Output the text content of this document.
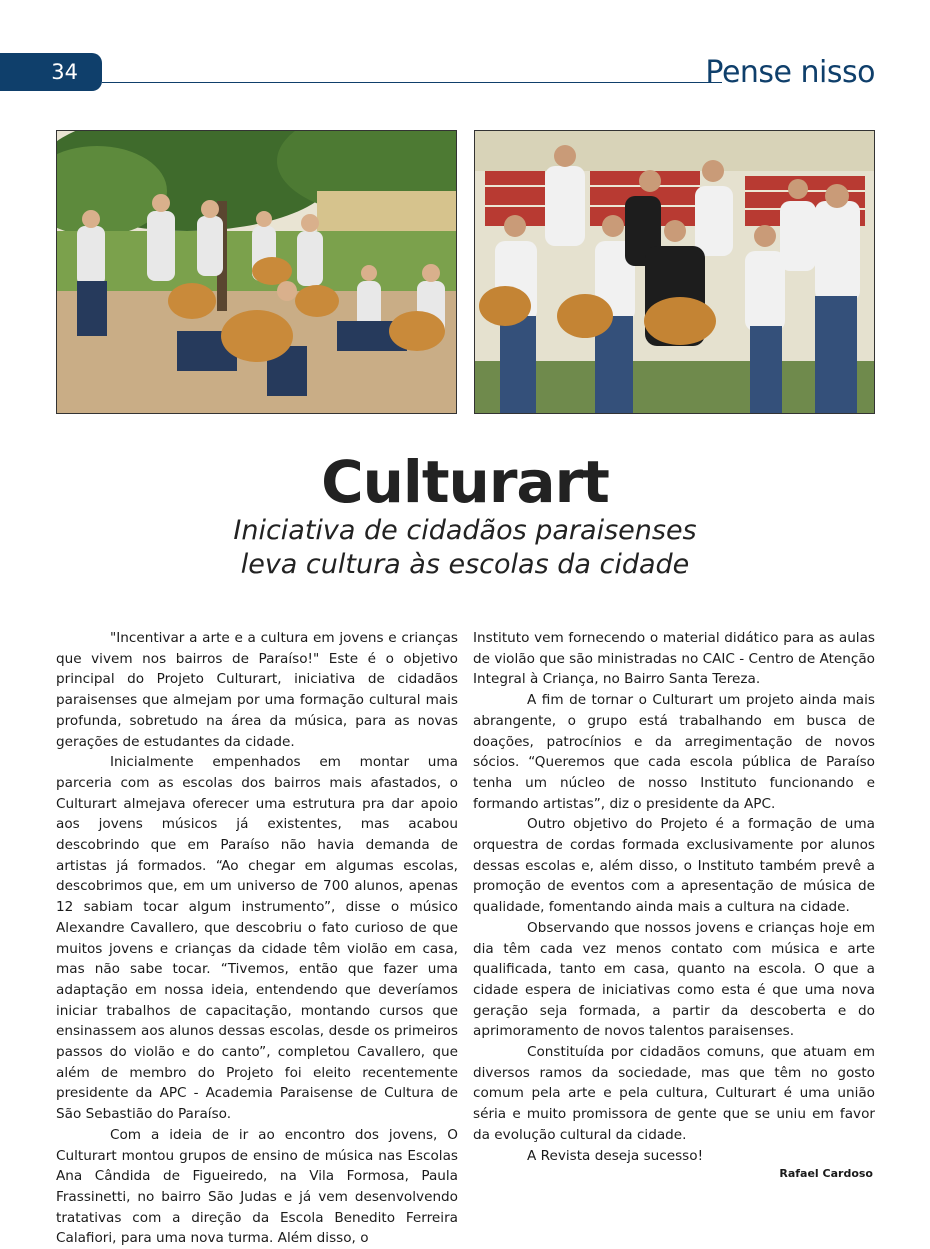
34	Pense nisso
Culturart
Iniciativa de cidadãos paraisenses
leva cultura às escolas da cidade

"Incentivar a arte e a cultura em jovens e crianças que vivem nos bairros de Paraíso!" Este é o objetivo principal do Projeto Culturart, iniciativa de cidadãos paraisenses que almejam por uma formação cultural mais profunda, sobretudo na área da música, para as novas gerações de estudantes da cidade.

Inicialmente empenhados em montar uma parceria com as escolas dos bairros mais afastados, o Culturart almejava oferecer uma estrutura pra dar apoio aos jovens músicos já existentes, mas acabou descobrindo que em Paraíso não havia demanda de artistas já formados. “Ao chegar em algumas escolas, descobrimos que, em um universo de 700 alunos, apenas 12 sabiam tocar algum instrumento”, disse o músico Alexandre Cavallero, que descobriu o fato curioso de que muitos jovens e crianças da cidade têm violão em casa, mas não sabe tocar. “Tivemos, então que fazer uma adaptação em nossa ideia, entendendo que deveríamos iniciar trabalhos de capacitação, montando cursos que ensinassem aos alunos dessas escolas, desde os primeiros passos do violão e do canto”, completou Cavallero, que além de membro do Projeto foi eleito recentemente presidente da APC - Academia Paraisense de Cultura de São Sebastião do Paraíso.

Com a ideia de ir ao encontro dos jovens, O Culturart montou grupos de ensino de música nas Escolas Ana Cândida de Figueiredo, na Vila Formosa, Paula Frassinetti, no bairro São Judas e já vem desenvolvendo tratativas com a direção da Escola Benedito Ferreira Calafiori, para uma nova turma. Além disso, o

Instituto vem fornecendo o material didático para as aulas de violão que são ministradas no CAIC - Centro de Atenção Integral à Criança, no Bairro Santa Tereza.

A fim de tornar o Culturart um projeto ainda mais abrangente, o grupo está trabalhando em busca de doações, patrocínios e da arregimentação de novos sócios. “Queremos que cada escola pública de Paraíso tenha um núcleo de nosso Instituto funcionando e formando artistas”, diz o presidente da APC.

Outro objetivo do Projeto é a formação de uma orquestra de cordas formada exclusivamente por alunos dessas escolas e, além disso, o Instituto também prevê a promoção de eventos com a apresentação de música de qualidade, fomentando ainda mais a cultura na cidade.

Observando que nossos jovens e crianças hoje em dia têm cada vez menos contato com música e arte qualificada, tanto em casa, quanto na escola. O que a cidade espera de iniciativas como esta é que uma nova geração seja formada, a partir da descoberta e do aprimoramento de novos talentos paraisenses.

Constituída por cidadãos comuns, que atuam em diversos ramos da sociedade, mas que têm no gosto comum pela arte e pela cultura, Culturart é uma união séria e muito promissora de gente que se uniu em favor da evolução cultural da cidade.

A Revista deseja sucesso!

Rafael Cardoso
